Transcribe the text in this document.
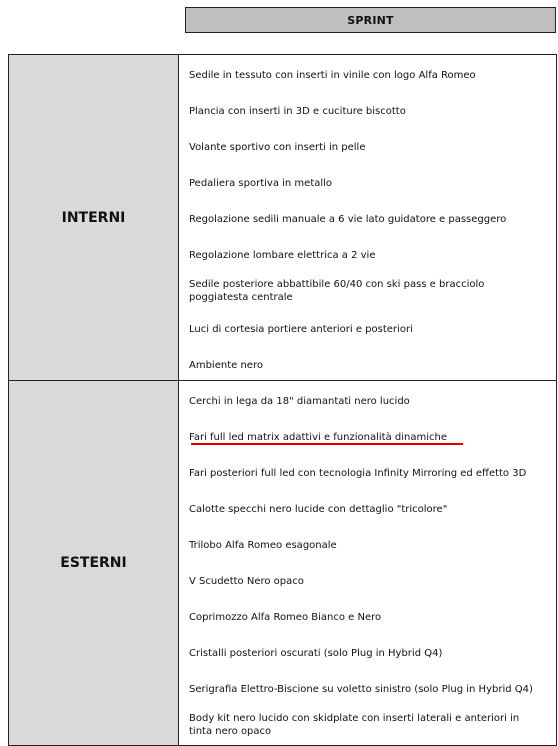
SPRINT
INTERNI
Sedile in tessuto con inserti in vinile con logo Alfa Romeo
Plancia con inserti in 3D e cuciture biscotto
Volante sportivo con inserti in pelle
Pedaliera sportiva in metallo
Regolazione sedili manuale a 6 vie lato guidatore e passeggero
Regolazione lombare elettrica a 2 vie
Sedile posteriore abbattibile 60/40 con ski pass e bracciolo poggiatesta centrale
Luci di cortesia portiere anteriori e posteriori
Ambiente nero
ESTERNI
Cerchi in lega da 18" diamantati nero lucido
Fari full led matrix adattivi e funzionalità dinamiche
Fari posteriori full led con tecnologia Infinity Mirroring ed effetto 3D
Calotte specchi nero lucide con dettaglio "tricolore"
Trilobo Alfa Romeo esagonale
V Scudetto Nero opaco
Coprimozzo Alfa Romeo Bianco e Nero
Cristalli posteriori oscurati (solo Plug in Hybrid Q4)
Serigrafia Elettro-Biscione su voletto sinistro (solo Plug in Hybrid Q4)
Body kit nero lucido con skidplate con inserti laterali e anteriori in tinta nero opaco
